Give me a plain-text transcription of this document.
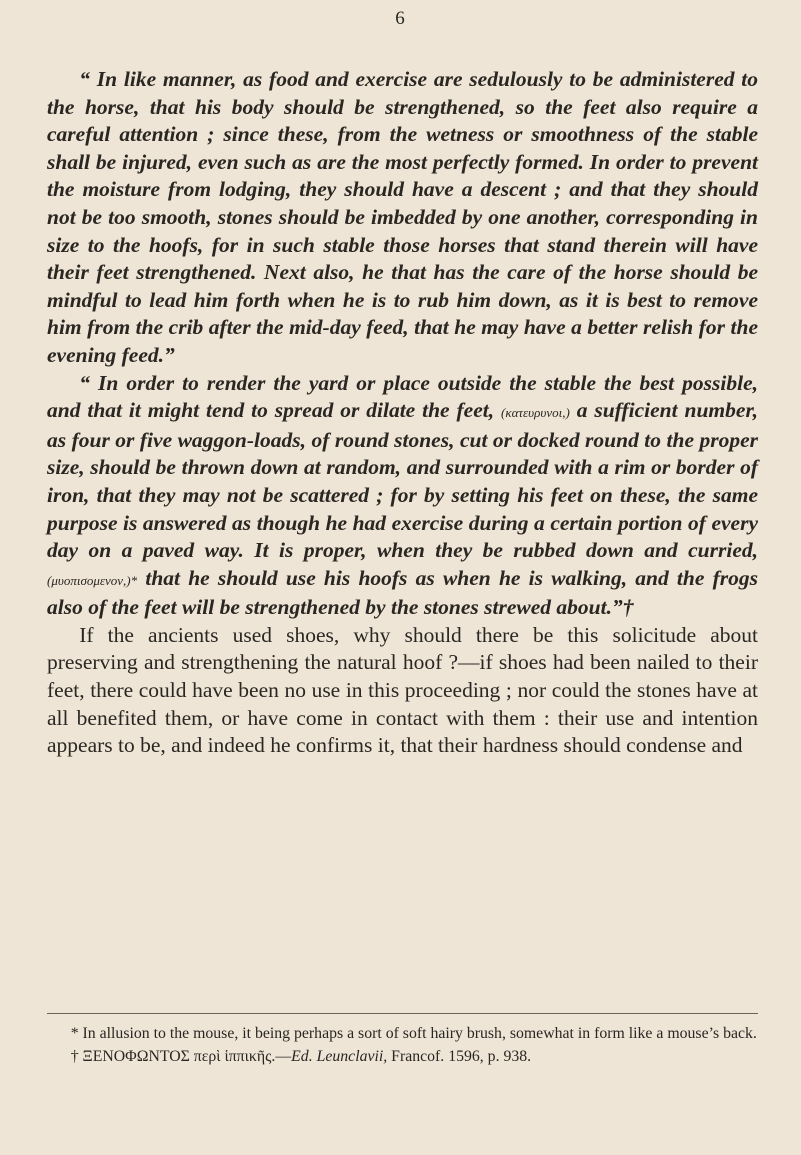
6

“ In like manner, as food and exercise are sedulously to be administered to the horse, that his body should be strengthened, so the feet also require a careful attention ; since these, from the wetness or smoothness of the stable shall be injured, even such as are the most perfectly formed. In order to prevent the moisture from lodging, they should have a descent ; and that they should not be too smooth, stones should be imbedded by one another, corresponding in size to the hoofs, for in such stable those horses that stand therein will have their feet strengthened. Next also, he that has the care of the horse should be mindful to lead him forth when he is to rub him down, as it is best to remove him from the crib after the mid-day feed, that he may have a better relish for the evening feed.”

“ In order to render the yard or place outside the stable the best possible, and that it might tend to spread or dilate the feet, (κατευρυνοι,) a sufficient number, as four or five waggon-loads, of round stones, cut or docked round to the proper size, should be thrown down at random, and surrounded with a rim or border of iron, that they may not be scattered ; for by setting his feet on these, the same purpose is answered as though he had exercise during a certain portion of every day on a paved way. It is proper, when they be rubbed down and curried, (μυοπισομενον,)* that he should use his hoofs as when he is walking, and the frogs also of the feet will be strengthened by the stones strewed about.”†

If the ancients used shoes, why should there be this solicitude about preserving and strengthening the natural hoof ?—if shoes had been nailed to their feet, there could have been no use in this proceeding ; nor could the stones have at all benefited them, or have come in contact with them : their use and intention appears to be, and indeed he confirms it, that their hardness should condense and

* In allusion to the mouse, it being perhaps a sort of soft hairy brush, somewhat in form like a mouse’s back.

† ΞΕΝΟΦΩΝΤΟΣ περὶ ἱππικῆς.—Ed. Leunclavii, Francof. 1596, p. 938.
